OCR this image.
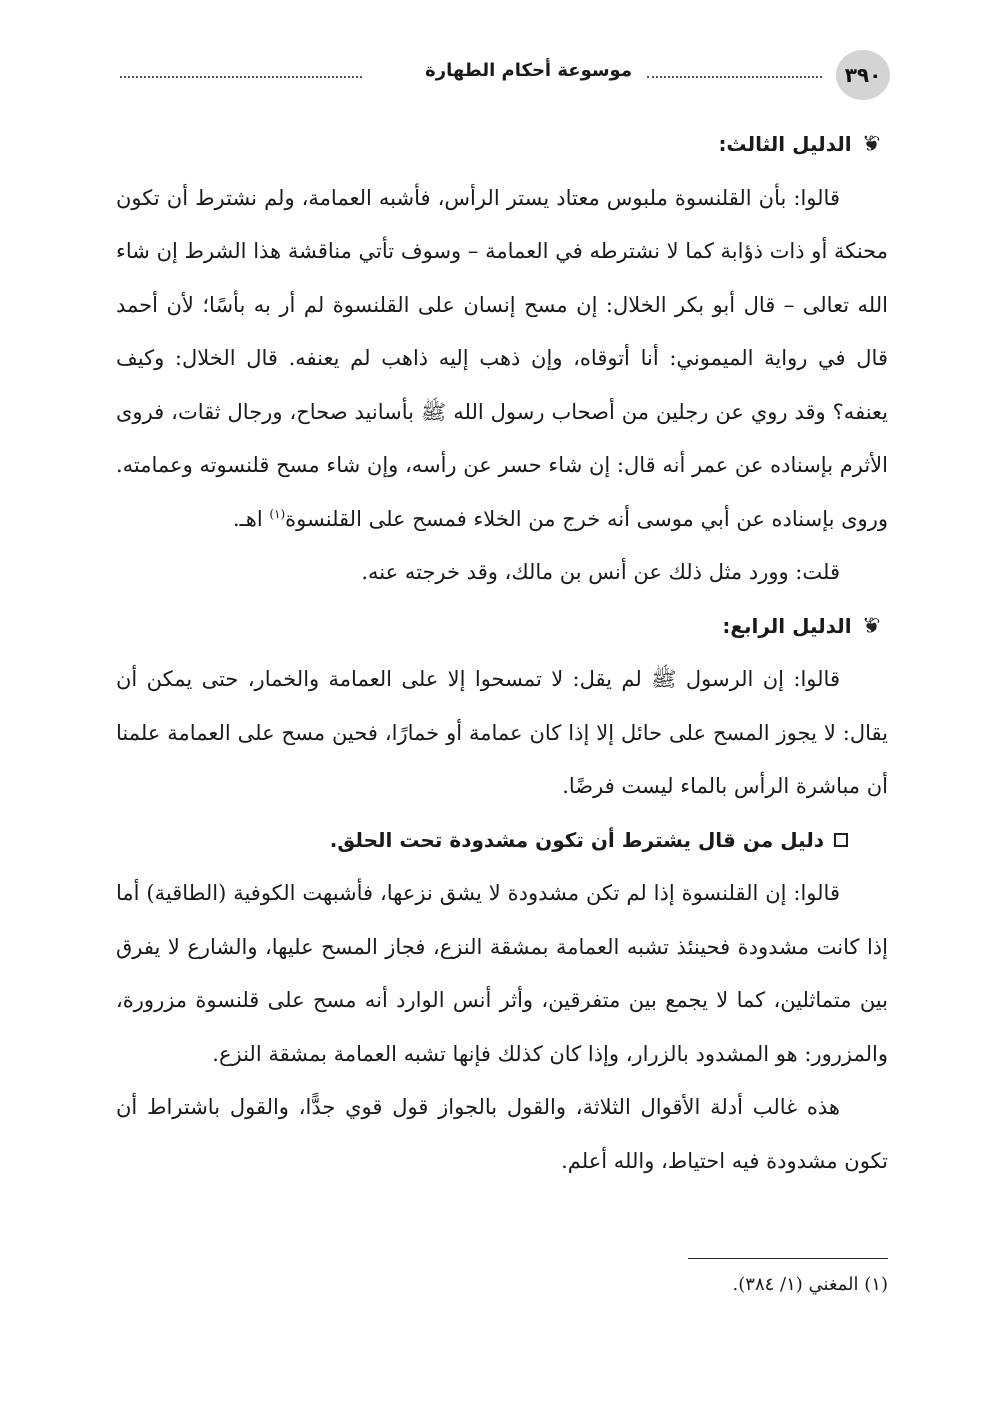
٣٩٠
موسوعة أحكام الطهارة
❦
الدليل الثالث:

قالوا: بأن القلنسوة ملبوس معتاد يستر الرأس، فأشبه العمامة، ولم نشترط أن تكون محنكة أو ذات ذؤابة كما لا نشترطه في العمامة – وسوف تأتي مناقشة هذا الشرط إن شاء الله تعالى – قال أبو بكر الخلال: إن مسح إنسان على القلنسوة لم أر به بأسًا؛ لأن أحمد قال في رواية الميموني: أنا أتوقاه، وإن ذهب إليه ذاهب لم يعنفه. قال الخلال: وكيف يعنفه؟ وقد روي عن رجلين من أصحاب رسول الله ﷺ بأسانيد صحاح، ورجال ثقات، فروى الأثرم بإسناده عن عمر أنه قال: إن شاء حسر عن رأسه، وإن شاء مسح قلنسوته وعمامته. وروى بإسناده عن أبي موسى أنه خرج من الخلاء فمسح على القلنسوة$^{(١)}$ اهـ.

قلت: وورد مثل ذلك عن أنس بن مالك، وقد خرجته عنه.

❦
الدليل الرابع:

قالوا: إن الرسول ﷺ لم يقل: لا تمسحوا إلا على العمامة والخمار، حتى يمكن أن يقال: لا يجوز المسح على حائل إلا إذا كان عمامة أو خمارًا، فحين مسح على العمامة علمنا أن مباشرة الرأس بالماء ليست فرضًا.

دليل من قال يشترط أن تكون مشدودة تحت الحلق.

قالوا: إن القلنسوة إذا لم تكن مشدودة لا يشق نزعها، فأشبهت الكوفية (الطاقية) أما إذا كانت مشدودة فحينئذ تشبه العمامة بمشقة النزع، فجاز المسح عليها، والشارع لا يفرق بين متماثلين، كما لا يجمع بين متفرقين، وأثر أنس الوارد أنه مسح على قلنسوة مزرورة، والمزرور: هو المشدود بالزرار، وإذا كان كذلك فإنها تشبه العمامة بمشقة النزع.

هذه غالب أدلة الأقوال الثلاثة، والقول بالجواز قول قوي جدًّا، والقول باشتراط أن تكون مشدودة فيه احتياط، والله أعلم.

(١) المغني (١/ ٣٨٤).
